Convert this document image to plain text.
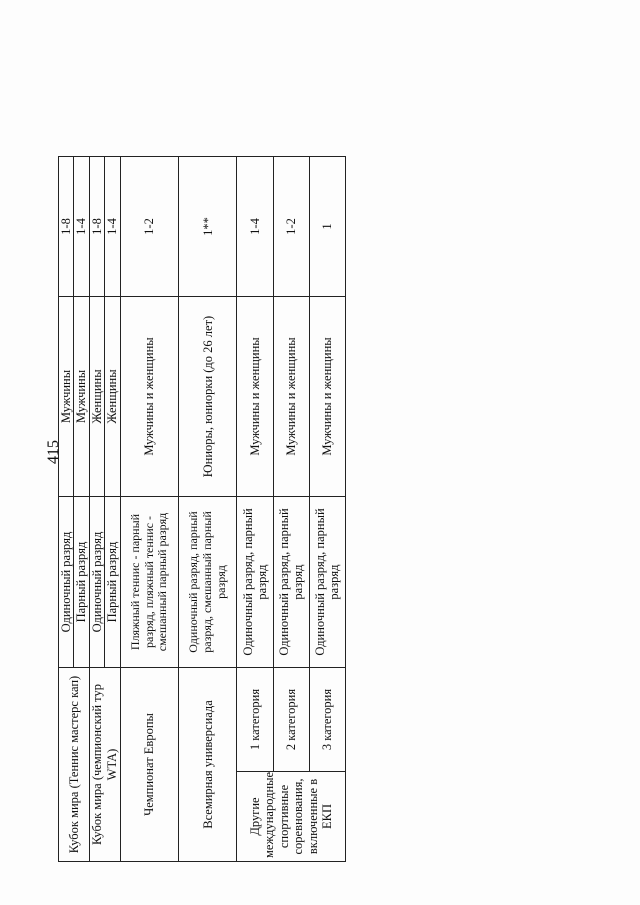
415
Кубок мира (Теннис мастерс кап)		Одиночный разряд	Мужчины	1-8
		Парный разряд	Мужчины	1-4
Кубок мира (чемпионский тур WTA)		Одиночный разряд	Женщины	1-8
		Парный разряд	Женщины	1-4
Чемпионат Европы		Пляжный теннис - парный разряд, пляжный теннис - смешанный парный разряд	Мужчины и женщины	1-2
Всемирная универсиада		Одиночный разряд, парный разряд, смешанный парный разряд	Юниоры, юниорки (до 26 лет)	1**
Другие международные спортивные соревнования, включенные в ЕКП	1 категория	Одиночный разряд, парный разряд	Мужчины и женщины	1-4
	2 категория	Одиночный разряд, парный разряд	Мужчины и женщины	1-2
	3 категория	Одиночный разряд, парный разряд	Мужчины и женщины	1
